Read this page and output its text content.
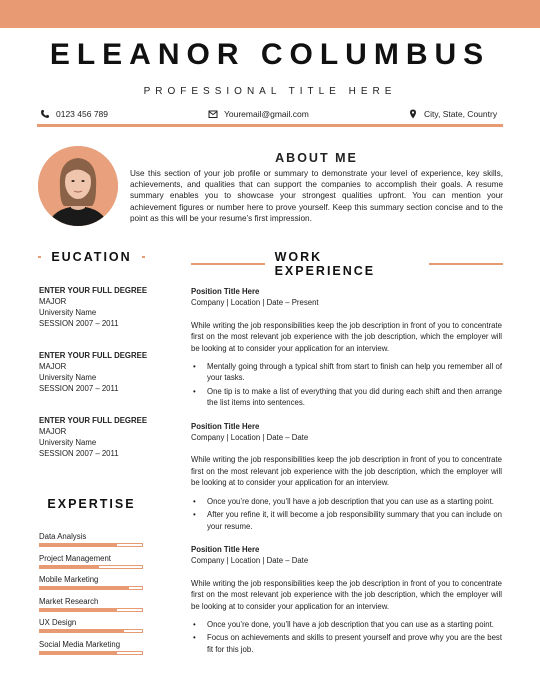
ELEANOR COLUMBUS
PROFESSIONAL TITLE HERE
0123 456 789	Youremail@gmail.com	City, State, Country
ABOUT ME
Use this section of your job profile or summary to demonstrate your level of experience, key skills, achievements, and qualities that can support the companies to accomplish their goals. A resume summary enables you to showcase your strongest qualities upfront. You can mention your achievement figures or number here to prove yourself. Keep this summary section concise and to the point as this will be your resume’s first impression.
EUCATION
ENTER YOUR FULL DEGREE
MAJOR
University Name
SESSION 2007 – 2011
ENTER YOUR FULL DEGREE
MAJOR
University Name
SESSION 2007 – 2011
ENTER YOUR FULL DEGREE
MAJOR
University Name
SESSION 2007 – 2011
EXPERTISE
Data Analysis
Project Management
Mobile Marketing
Market Research
UX Design
Social Media Marketing
WORK EXPERIENCE
Position Title Here
Company | Location | Date – Present

While writing the job responsibilities keep the job description in front of you to concentrate first on the most relevant job experience with the job description, which the employer will be looking at to consider your application for an interview.

• Mentally going through a typical shift from start to finish can help you remember all of your tasks.
• One tip is to make a list of everything that you did during each shift and then arrange the list items into sentences.
Position Title Here
Company | Location | Date – Date

While writing the job responsibilities keep the job description in front of you to concentrate first on the most relevant job experience with the job description, which the employer will be looking at to consider your application for an interview.

• Once you’re done, you’ll have a job description that you can use as a starting point.
• After you refine it, it will become a job responsibility summary that you can include on your resume.
Position Title Here
Company | Location | Date – Date

While writing the job responsibilities keep the job description in front of you to concentrate first on the most relevant job experience with the job description, which the employer will be looking at to consider your application for an interview.

• Once you’re done, you’ll have a job description that you can use as a starting point.
• Focus on achievements and skills to present yourself and prove why you are the best fit for this job.
